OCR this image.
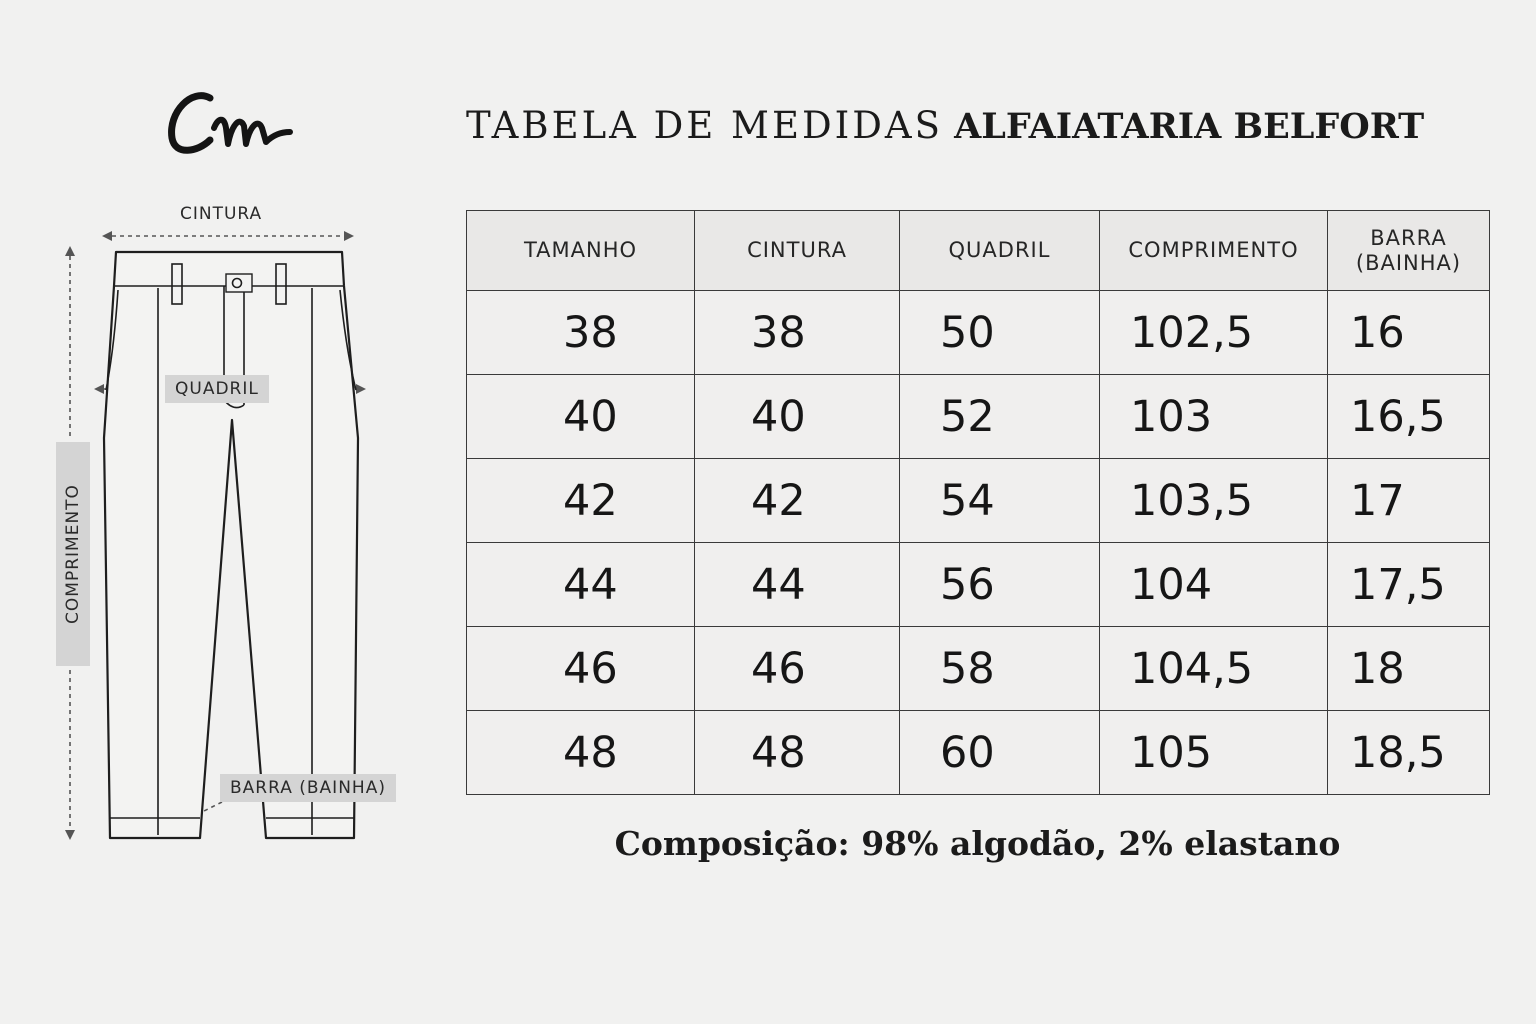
TABELA DE MEDIDAS ALFAIATARIA BELFORT
CINTURA
QUADRIL
COMPRIMENTO
BARRA (BAINHA)
TAMANHO	CINTURA	QUADRIL	COMPRIMENTO	BARRA
(BAINHA)
38	38	50	102,5	16
40	40	52	103	16,5
42	42	54	103,5	17
44	44	56	104	17,5
46	46	58	104,5	18
48	48	60	105	18,5
Composição: 98% algodão, 2% elastano
